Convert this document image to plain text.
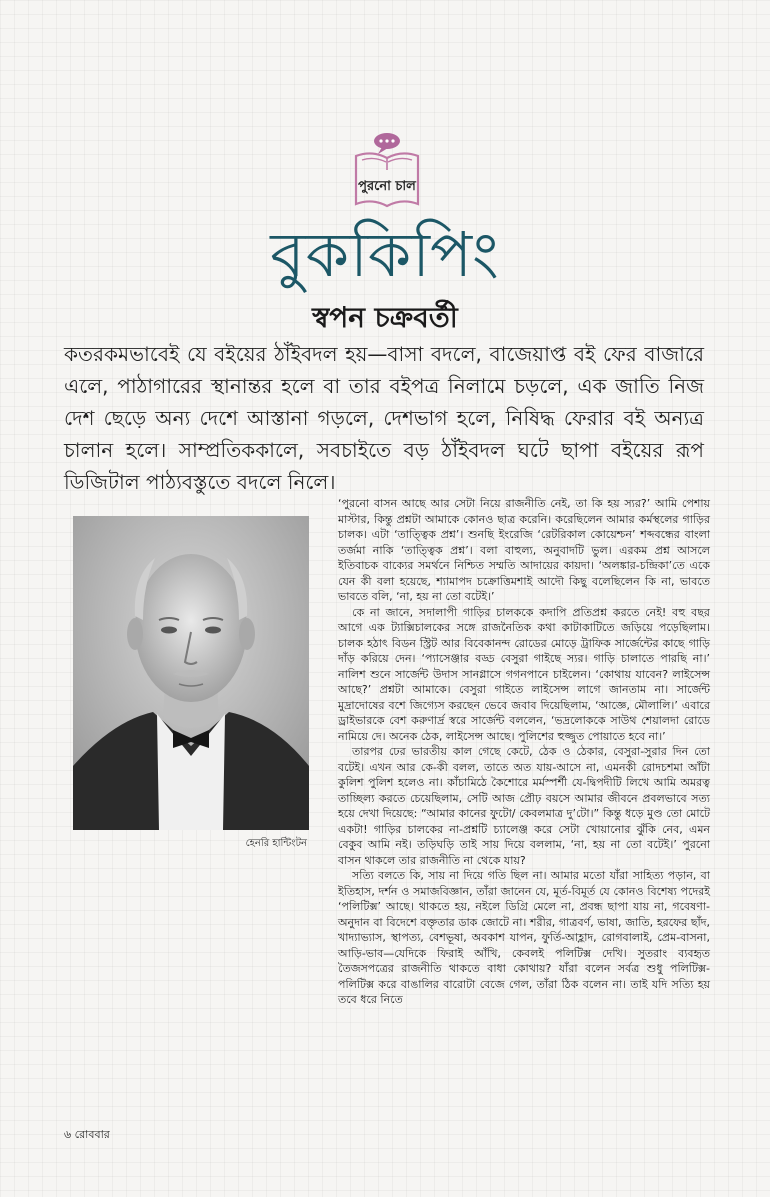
পুরনো চাল
বুককিপিং
স্বপন চক্রবর্তী
কতরকমভাবেই যে বইয়ের ঠাঁইবদল হয়—বাসা বদলে, বাজেয়াপ্ত বই ফের বাজারে এলে, পাঠাগারের স্থানান্তর হলে বা তার বইপত্র নিলামে চড়লে, এক জাতি নিজ দেশ ছেড়ে অন্য দেশে আস্তানা গড়লে, দেশভাগ হলে, নিষিদ্ধ ফেরার বই অন্যত্র চালান হলে। সাম্প্রতিককালে, সবচাইতে বড় ঠাঁইবদল ঘটে ছাপা বইয়ের রূপ ডিজিটাল পাঠ্যবস্তুতে বদলে নিলে।
হেনরি হান্টিংটন

‘পুরনো বাসন আছে আর সেটা নিয়ে রাজনীতি নেই, তা কি হয় স্যর?’ আমি পেশায় মাস্টার, কিন্তু প্রশ্নটা আমাকে কোনও ছাত্র করেনি। করেছিলেন আমার কর্মস্থলের গাড়ির চালক। এটা ‘তাত্ত্বিক প্রশ্ন’। শুনছি ইংরেজি ‘রেটরিকাল কোয়েশ্চন’ শব্দবন্ধের বাংলা তর্জমা নাকি ‘তাত্ত্বিক প্রশ্ন’। বলা বাহুল্য, অনুবাদটি ভুল। এরকম প্রশ্ন আসলে ইতিবাচক বাক্যের সমর্থনে নিশ্চিত সম্মতি আদায়ের কায়দা। ‘অলঙ্কার-চন্দ্রিকা’তে একে যেন কী বলা হয়েছে, শ্যামাপদ চক্রোত্তিমশাই আদৌ কিছু বলেছিলেন কি না, ভাবতে ভাবতে বলি, ‘না, হয় না তো বটেই।’

কে না জানে, সদালাপী গাড়ির চালককে কদাপি প্রতিপ্রশ্ন করতে নেই! বহু বছর আগে এক ট্যাক্সিচালকের সঙ্গে রাজনৈতিক কথা কাটাকাটিতে জড়িয়ে পড়েছিলাম। চালক হঠাৎ বিডন স্ট্রিট আর বিবেকানন্দ রোডের মোড়ে ট্রাফিক সার্জেন্টের কাছে গাড়ি দাঁড় করিয়ে দেন। ‘প্যাসেঞ্জার বড্ড বেসুরা গাইছে স্যর। গাড়ি চালাতে পারছি না।’ নালিশ শুনে সার্জেন্ট উদাস সানগ্লাসে গগনপানে চাইলেন। ‘কোথায় যাবেন? লাইসেন্স আছে?’ প্রশ্নটা আমাকে। বেসুরা গাইতে লাইসেন্স লাগে জানতাম না। সার্জেন্ট মুদ্রাদোষের বশে জিগ্যেস করছেন ভেবে জবাব দিয়েছিলাম, ‘আজ্ঞে, মৌলালি।’ এবারে ড্রাইভারকে বেশ করুণার্দ্র স্বরে সার্জেন্ট বললেন, ‘ভদ্রলোককে সাউথ শেয়ালদা রোডে নামিয়ে দে। অনেক ঠেক, লাইসেন্স আছে। পুলিশের হুজ্জুত পোয়াতে হবে না।’

তারপর ঢের ভারতীয় কাল গেছে কেটে, ঠেক ও ঠেকার, বেসুরা-সুরার দিন তো বটেই। এখন আর কে-কী বলল, তাতে অত যায়-আসে না, এমনকী রোদচশমা আঁটা কুলিশ পুলিশ হলেও না। কাঁচামিঠে কৈশোরে মর্মস্পর্শী যে-দ্বিপদীটি লিখে আমি অমরত্ব তাচ্ছিল্য করতে চেয়েছিলাম, সেটি আজ প্রৌঢ় বয়সে আমার জীবনে প্রবলভাবে সত্য হয়ে দেখা দিয়েছে: “আমার কানের ফুটো/ কেবলমাত্র দু’টো।” কিন্তু ধড়ে মুণ্ড তো মোটে একটা! গাড়ির চালকের না-প্রশ্নটি চ্যালেঞ্জ করে সেটা খোয়ানোর ঝুঁকি নেব, এমন বেকুব আমি নই। তড়িঘড়ি তাই সায় দিয়ে বললাম, ‘না, হয় না তো বটেই।’ পুরনো বাসন থাকলে তার রাজনীতি না থেকে যায়?

সত্যি বলতে কি, সায় না দিয়ে গতি ছিল না। আমার মতো যাঁরা সাহিত্য পড়ান, বা ইতিহাস, দর্শন ও সমাজবিজ্ঞান, তাঁরা জানেন যে, মূর্ত-বিমূর্ত যে কোনও বিশেষ্য পদেরই ‘পলিটিক্স’ আছে। থাকতে হয়, নইলে ডিগ্রি মেলে না, প্রবন্ধ ছাপা যায় না, গবেষণা-অনুদান বা বিদেশে বক্তৃতার ডাক জোটে না। শরীর, গাত্রবর্ণ, ভাষা, জাতি, হরফের ছাঁদ, খাদ্যাভ্যাস, স্থাপত্য, বেশভূষা, অবকাশ যাপন, ফুর্তি-আহ্লাদ, রোগবালাই, প্রেম-বাসনা, আড়ি-ভাব—যেদিকে ফিরাই আঁখি, কেবলই পলিটিক্স দেখি। সুতরাং ব্যবহৃত তৈজসপত্রের রাজনীতি থাকতে বাধা কোথায়? যাঁরা বলেন সর্বত্র শুধু পলিটিক্স-পলিটিক্স করে বাঙালির বারোটা বেজে গেল, তাঁরা ঠিক বলেন না। তাই যদি সত্যি হয় তবে ধরে নিতে

৬ রোববার
